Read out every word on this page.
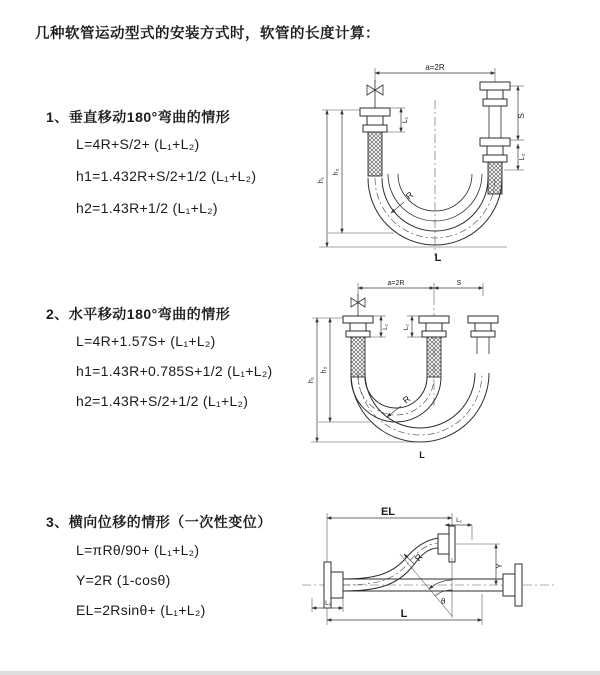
几种软管运动型式的安装方式时，软管的长度计算：
1、垂直移动180°弯曲的情形
L=4R+S/2+ (L₁+L₂)
h1=1.432R+S/2+1/2 (L₁+L₂)
h2=1.43R+1/2 (L₁+L₂)
2、水平移动180°弯曲的情形
L=4R+1.57S+ (L₁+L₂)
h1=1.43R+0.785S+1/2 (L₁+L₂)
h2=1.43R+S/2+1/2 (L₁+L₂)
3、横向位移的情形（一次性变位）
L=πRθ/90+ (L₁+L₂)
Y=2R (1-cosθ)
EL=2Rsinθ+ (L₁+L₂)
a=2R
R
S
L₂
L₁
h₂
h₁
L
a=2R	S
R
L₁ L₂
h₂
h₁
L
EL
L₁
Y
R
θ
L₁
L
